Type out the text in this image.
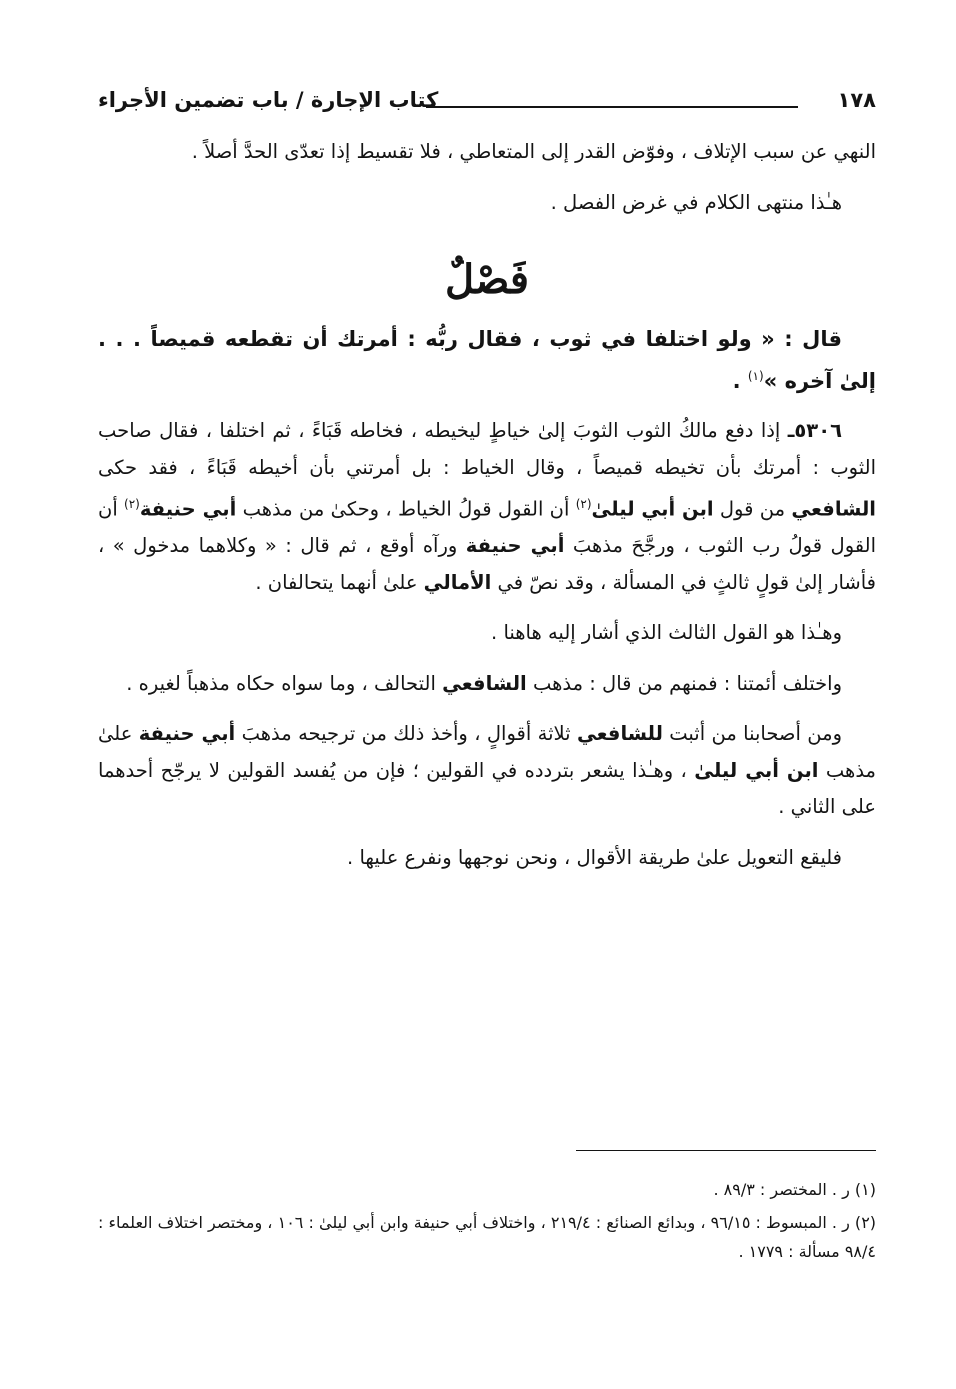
كتاب الإجارة / باب تضمين الأجراء	١٧٨

النهي عن سبب الإتلاف ، وفوّض القدر إلى المتعاطي ، فلا تقسيط إذا تعدّى الحدَّ أصلاً .

هـٰذا منتهى الكلام في غرض الفصل .

فَصْلٌ

قال : « ولو اختلفا في ثوب ، فقال ربُّه : أمرتك أن تقطعه قميصاً . . . إلىٰ آخره »$^{(١)}$ .

٥٣٠٦ـ إذا دفع مالكُ الثوب الثوبَ إلىٰ خياطٍ ليخيطه ، فخاطه قَبَاءً ، ثم اختلفا ، فقال صاحب الثوب : أمرتك بأن تخيطه قميصاً ، وقال الخياط : بل أمرتني بأن أخيطه قَبَاءً ، فقد حكى الشافعي من قول ابن أبي ليلىٰ$^{(٢)}$ أن القول قولُ الخياط ، وحكىٰ من مذهب أبي حنيفة$^{(٢)}$ أن القول قولُ رب الثوب ، ورجَّحَ مذهبَ أبي حنيفة ورآه أوقع ، ثم قال : « وكلاهما مدخول » ، فأشار إلىٰ قولٍ ثالثٍ في المسألة ، وقد نصّ في الأمالي علىٰ أنهما يتحالفان .

وهـٰذا هو القول الثالث الذي أشار إليه هاهنا .

واختلف أئمتنا : فمنهم من قال : مذهب الشافعي التحالف ، وما سواه حكاه مذهباً لغيره .

ومن أصحابنا من أثبت للشافعي ثلاثة أقوالٍ ، وأخذ ذلك من ترجيحه مذهبَ أبي حنيفة علىٰ مذهب ابن أبي ليلىٰ ، وهـٰذا يشعر بتردده في القولين ؛ فإن من يُفسد القولين لا يرجّح أحدهما على الثاني .

فليقع التعويل علىٰ طريقة الأقوال ، ونحن نوجهها ونفرع عليها .

(١) ر . المختصر : ٨٩/٣ .

(٢) ر . المبسوط : ٩٦/١٥ ، وبدائع الصنائع : ٢١٩/٤ ، واختلاف أبي حنيفة وابن أبي ليلىٰ : ١٠٦ ، ومختصر اختلاف العلماء : ٩٨/٤ مسألة : ١٧٧٩ .
